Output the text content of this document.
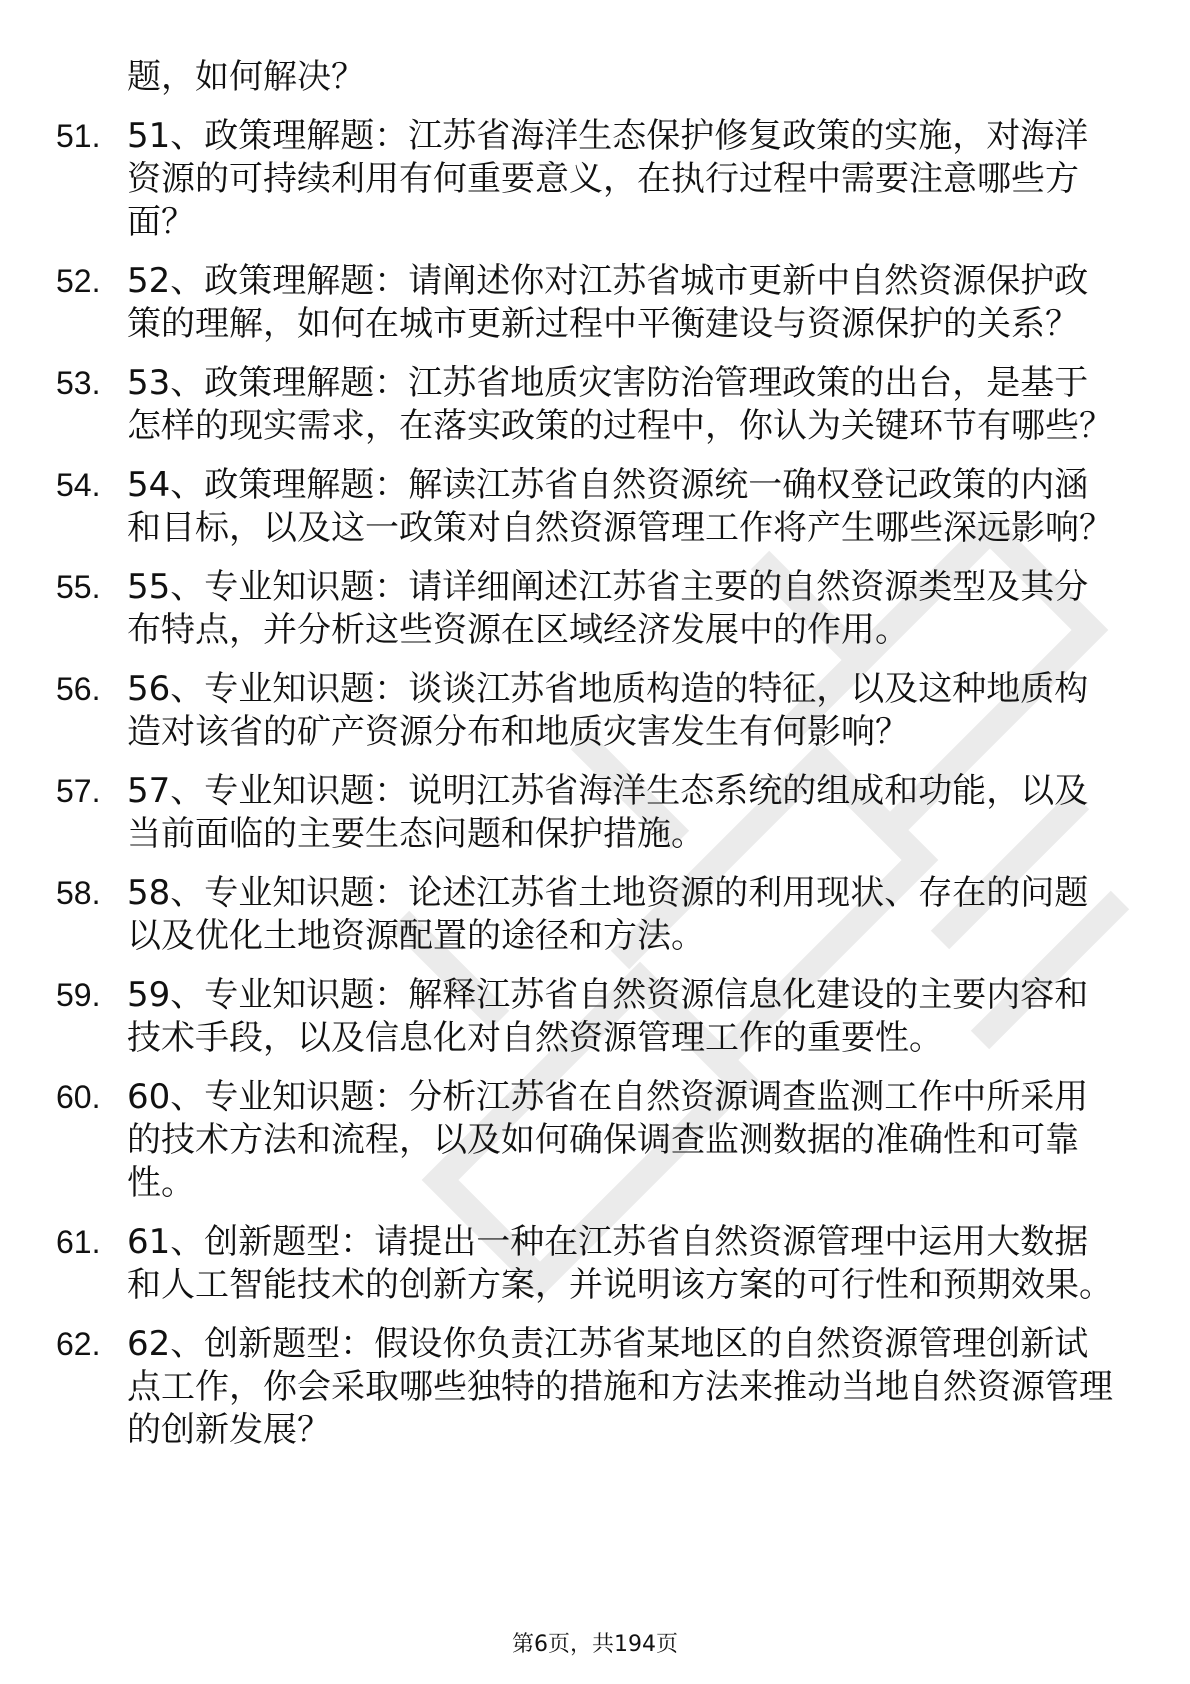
题，如何解决？
51. 51、政策理解题：江苏省海洋生态保护修复政策的实施，对海洋资源的可持续利用有何重要意义，在执行过程中需要注意哪些方面？
52. 52、政策理解题：请阐述你对江苏省城市更新中自然资源保护政策的理解，如何在城市更新过程中平衡建设与资源保护的关系？
53. 53、政策理解题：江苏省地质灾害防治管理政策的出台，是基于怎样的现实需求，在落实政策的过程中，你认为关键环节有哪些？
54. 54、政策理解题：解读江苏省自然资源统一确权登记政策的内涵和目标，以及这一政策对自然资源管理工作将产生哪些深远影响？
55. 55、专业知识题：请详细阐述江苏省主要的自然资源类型及其分布特点，并分析这些资源在区域经济发展中的作用。
56. 56、专业知识题：谈谈江苏省地质构造的特征，以及这种地质构造对该省的矿产资源分布和地质灾害发生有何影响？
57. 57、专业知识题：说明江苏省海洋生态系统的组成和功能，以及当前面临的主要生态问题和保护措施。
58. 58、专业知识题：论述江苏省土地资源的利用现状、存在的问题以及优化土地资源配置的途径和方法。
59. 59、专业知识题：解释江苏省自然资源信息化建设的主要内容和技术手段，以及信息化对自然资源管理工作的重要性。
60. 60、专业知识题：分析江苏省在自然资源调查监测工作中所采用的技术方法和流程，以及如何确保调查监测数据的准确性和可靠性。
61. 61、创新题型：请提出一种在江苏省自然资源管理中运用大数据和人工智能技术的创新方案，并说明该方案的可行性和预期效果。
62. 62、创新题型：假设你负责江苏省某地区的自然资源管理创新试点工作，你会采取哪些独特的措施和方法来推动当地自然资源管理的创新发展？
第6页，共194页
